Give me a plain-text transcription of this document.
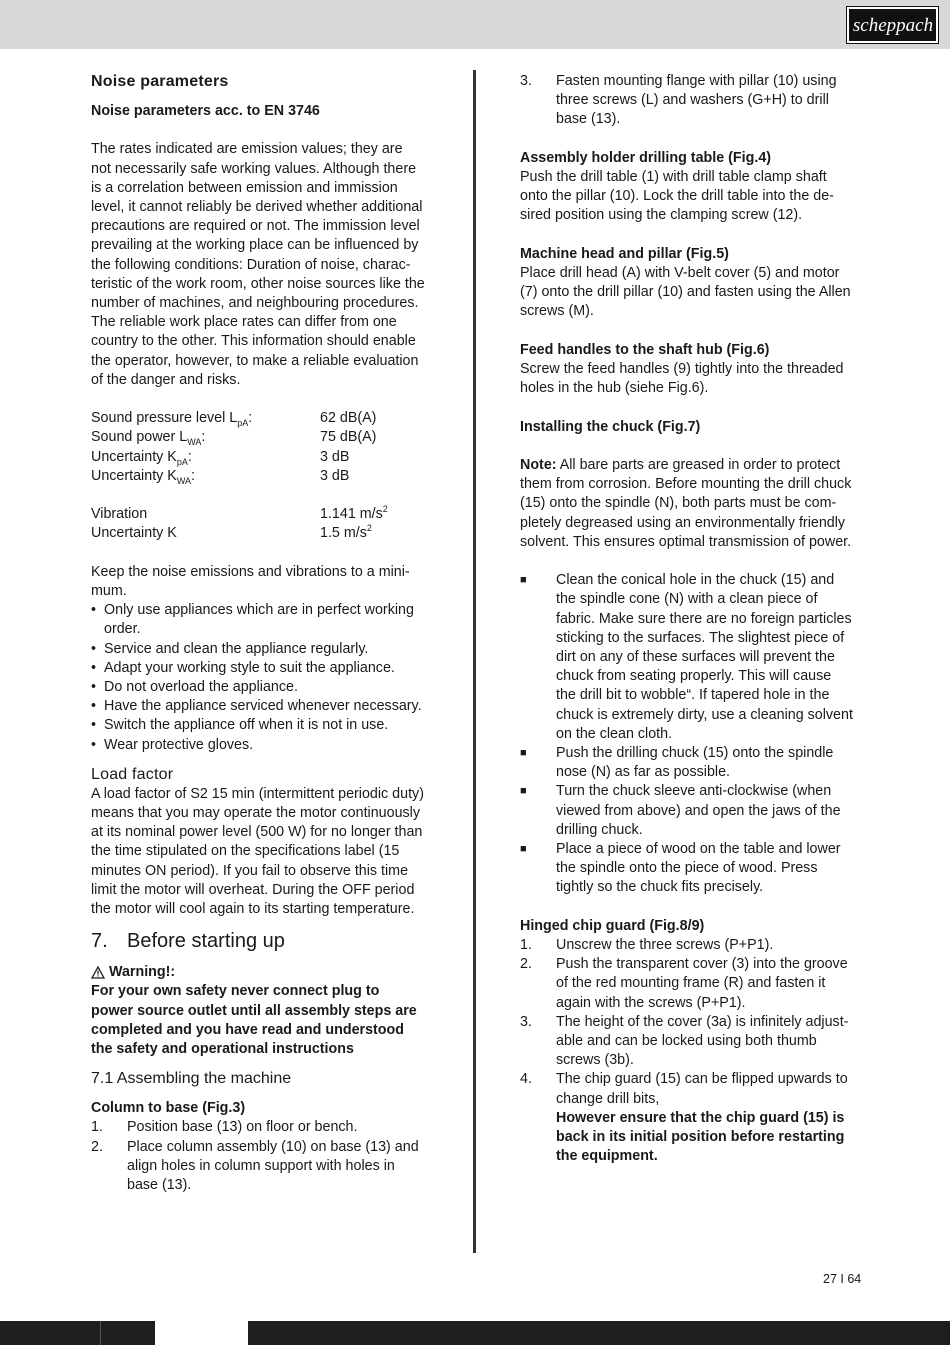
scheppach
Noise parameters
Noise parameters acc. to EN 3746
The rates indicated are emission values; they are
not necessarily safe working values. Although there
is a correlation between emission and immission
level, it cannot reliably be derived whether additional
precautions are required or not. The immission level
prevailing at the working place can be influenced by
the following conditions: Duration of noise, charac-
teristic of the work room, other noise sources like the
number of machines, and neighbouring procedures.
The reliable work place rates can differ from one
country to the other. This information should enable
the operator, however, to make a reliable evaluation
of the danger and risks.
Sound pressure level $L_{pA}$:	62 dB(A)
Sound power $L_{WA}$:	75 dB(A)
Uncertainty $K_{pA}$:	3 dB
Uncertainty $K_{WA}$:	3 dB
Vibration	1.141 $m/s^2$
Uncertainty K	1.5 $m/s^2$
Keep the noise emissions and vibrations to a mini-
mum.
• Only use appliances which are in perfect working
order.
• Service and clean the appliance regularly.
• Adapt your working style to suit the appliance.
• Do not overload the appliance.
• Have the appliance serviced whenever necessary.
• Switch the appliance off when it is not in use.
• Wear protective gloves.
Load factor
A load factor of S2 15 min (intermittent periodic duty)
means that you may operate the motor continuously
at its nominal power level (500 W) for no longer than
the time stipulated on the specifications label (15
minutes ON period). If you fail to observe this time
limit the motor will overheat. During the OFF period
the motor will cool again to its starting temperature.
7. Before starting up
Warning!:
For your own safety never connect plug to
power source outlet until all assembly steps are
completed and you have read and understood
the safety and operational instructions
7.1 Assembling the machine
Column to base (Fig.3)
1.	Position base (13) on floor or bench.
2.	Place column assembly (10) on base (13) and
align holes in column support with holes in
base (13).
3.	Fasten mounting flange with pillar (10) using
three screws (L) and washers (G+H) to drill
base (13).
Assembly holder drilling table (Fig.4)
Push the drill table (1) with drill table clamp shaft
onto the pillar (10). Lock the drill table into the de-
sired position using the clamping screw (12).
Machine head and pillar (Fig.5)
Place drill head (A) with V-belt cover (5) and motor
(7) onto the drill pillar (10) and fasten using the Allen
screws (M).
Feed handles to the shaft hub (Fig.6)
Screw the feed handles (9) tightly into the threaded
holes in the hub (siehe Fig.6).
Installing the chuck (Fig.7)
Note: All bare parts are greased in order to protect
them from corrosion. Before mounting the drill chuck
(15) onto the spindle (N), both parts must be com-
pletely degreased using an environmentally friendly
solvent. This ensures optimal transmission of power.
■	Clean the conical hole in the chuck (15) and
the spindle cone (N) with a clean piece of
fabric. Make sure there are no foreign particles
sticking to the surfaces. The slightest piece of
dirt on any of these surfaces will prevent the
chuck from seating properly. This will cause
the drill bit to wobble“. If tapered hole in the
chuck is extremely dirty, use a cleaning solvent
on the clean cloth.
■	Push the drilling chuck (15) onto the spindle
nose (N) as far as possible.
■	Turn the chuck sleeve anti-clockwise (when
viewed from above) and open the jaws of the
drilling chuck.
■	Place a piece of wood on the table and lower
the spindle onto the piece of wood. Press
tightly so the chuck fits precisely.
Hinged chip guard (Fig.8/9)
1.	Unscrew the three screws (P+P1).
2.	Push the transparent cover (3) into the groove
of the red mounting frame (R) and fasten it
again with the screws (P+P1).
3.	The height of the cover (3a) is infinitely adjust-
able and can be locked using both thumb
screws (3b).
4.	The chip guard (15) can be flipped upwards to
change drill bits,
However ensure that the chip guard (15) is
back in its initial position before restarting
the equipment.
27 I 64
